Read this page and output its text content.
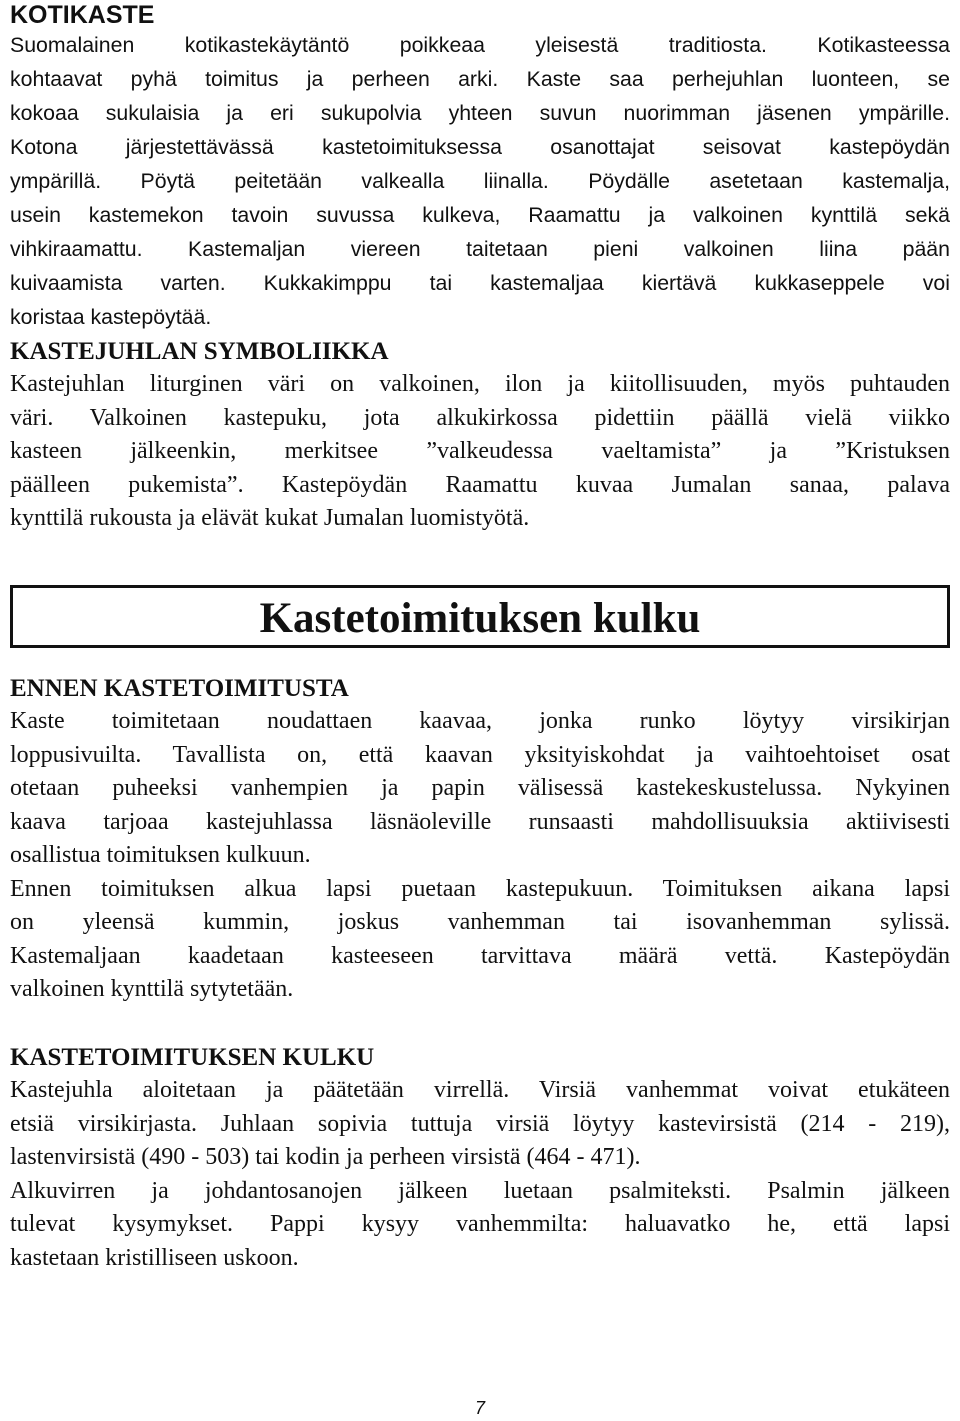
KOTIKASTE
Suomalainen kotikastekäytäntö poikkeaa yleisestä traditiosta. Kotikasteessa
kohtaavat pyhä toimitus ja perheen arki. Kaste saa perhejuhlan luonteen, se
kokoaa sukulaisia ja eri sukupolvia yhteen suvun nuorimman jäsenen ympärille.
Kotona järjestettävässä kastetoimituksessa osanottajat seisovat kastepöydän
ympärillä. Pöytä peitetään valkealla liinalla. Pöydälle asetetaan kastemalja,
usein kastemekon tavoin suvussa kulkeva, Raamattu ja valkoinen kynttilä sekä
vihkiraamattu. Kastemaljan viereen taitetaan pieni valkoinen liina pään
kuivaamista varten. Kukkakimppu tai kastemaljaa kiertävä kukkaseppele voi
koristaa kastepöytää.
KASTEJUHLAN SYMBOLIIKKA
Kastejuhlan liturginen väri on valkoinen, ilon ja kiitollisuuden, myös puhtauden
väri. Valkoinen kastepuku, jota alkukirkossa pidettiin päällä vielä viikko
kasteen jälkeenkin, merkitsee ”valkeudessa vaeltamista” ja ”Kristuksen
päälleen pukemista”. Kastepöydän Raamattu kuvaa Jumalan sanaa, palava
kynttilä rukousta ja elävät kukat Jumalan luomistyötä.
Kastetoimituksen kulku
ENNEN KASTETOIMITUSTA
Kaste toimitetaan noudattaen kaavaa, jonka runko löytyy virsikirjan
loppusivuilta. Tavallista on, että kaavan yksityiskohdat ja vaihtoehtoiset osat
otetaan puheeksi vanhempien ja papin välisessä kastekeskustelussa. Nykyinen
kaava tarjoaa kastejuhlassa läsnäoleville runsaasti mahdollisuuksia aktiivisesti
osallistua toimituksen kulkuun.
Ennen toimituksen alkua lapsi puetaan kastepukuun. Toimituksen aikana lapsi
on yleensä kummin, joskus vanhemman tai isovanhemman sylissä.
Kastemaljaan kaadetaan kasteeseen tarvittava määrä vettä. Kastepöydän
valkoinen kynttilä sytytetään.
KASTETOIMITUKSEN KULKU
Kastejuhla aloitetaan ja päätetään virrellä. Virsiä vanhemmat voivat etukäteen
etsiä virsikirjasta. Juhlaan sopivia tuttuja virsiä löytyy kastevirsistä (214 - 219),
lastenvirsistä (490 - 503) tai kodin ja perheen virsistä (464 - 471).
Alkuvirren ja johdantosanojen jälkeen luetaan psalmiteksti. Psalmin jälkeen
tulevat kysymykset. Pappi kysyy vanhemmilta: haluavatko he, että lapsi
kastetaan kristilliseen uskoon.

7
